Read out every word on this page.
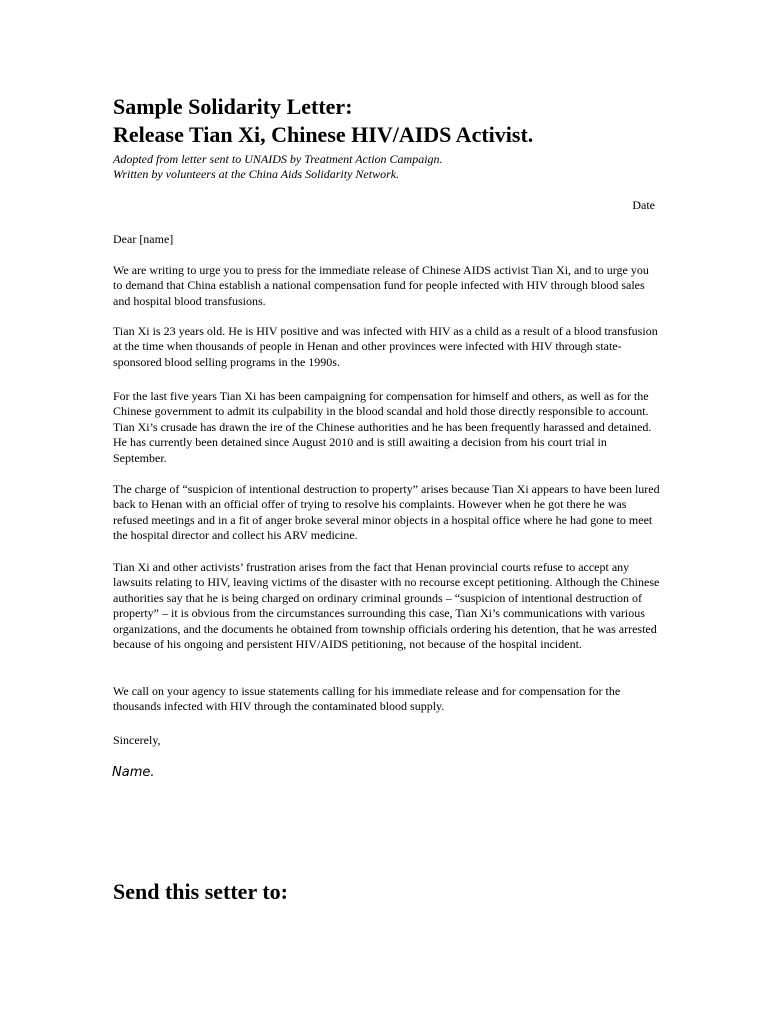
Sample Solidarity Letter:
Release Tian Xi, Chinese HIV/AIDS Activist.
Adopted from letter sent to UNAIDS by Treatment Action Campaign.
Written by volunteers at the China Aids Solidarity Network.
Date

Dear [name]

We are writing to urge you to press for the immediate release of Chinese AIDS activist Tian Xi, and to urge you to demand that China establish a national compensation fund for people infected with HIV through blood sales and hospital blood transfusions.

Tian Xi is 23 years old. He is HIV positive and was infected with HIV as a child as a result of a blood transfusion at the time when thousands of people in Henan and other provinces were infected with HIV through state-sponsored blood selling programs in the 1990s.

For the last five years Tian Xi has been campaigning for compensation for himself and others, as well as for the Chinese government to admit its culpability in the blood scandal and hold those directly responsible to account. Tian Xi’s crusade has drawn the ire of the Chinese authorities and he has been frequently harassed and detained. He has currently been detained since August 2010 and is still awaiting a decision from his court trial in September.

The charge of “suspicion of intentional destruction to property” arises because Tian Xi appears to have been lured back to Henan with an official offer of trying to resolve his complaints. However when he got there he was refused meetings and in a fit of anger broke several minor objects in a hospital office where he had gone to meet the hospital director and collect his ARV medicine.

Tian Xi and other activists’ frustration arises from the fact that Henan provincial courts refuse to accept any lawsuits relating to HIV, leaving victims of the disaster with no recourse except petitioning. Although the Chinese authorities say that he is being charged on ordinary criminal grounds – “suspicion of intentional destruction of property” – it is obvious from the circumstances surrounding this case, Tian Xi’s communications with various organizations, and the documents he obtained from township officials ordering his detention, that he was arrested because of his ongoing and persistent HIV/AIDS petitioning, not because of the hospital incident.

We call on your agency to issue statements calling for his immediate release and for compensation for the thousands infected with HIV through the contaminated blood supply.

Sincerely,

Name.
Send this setter to:
